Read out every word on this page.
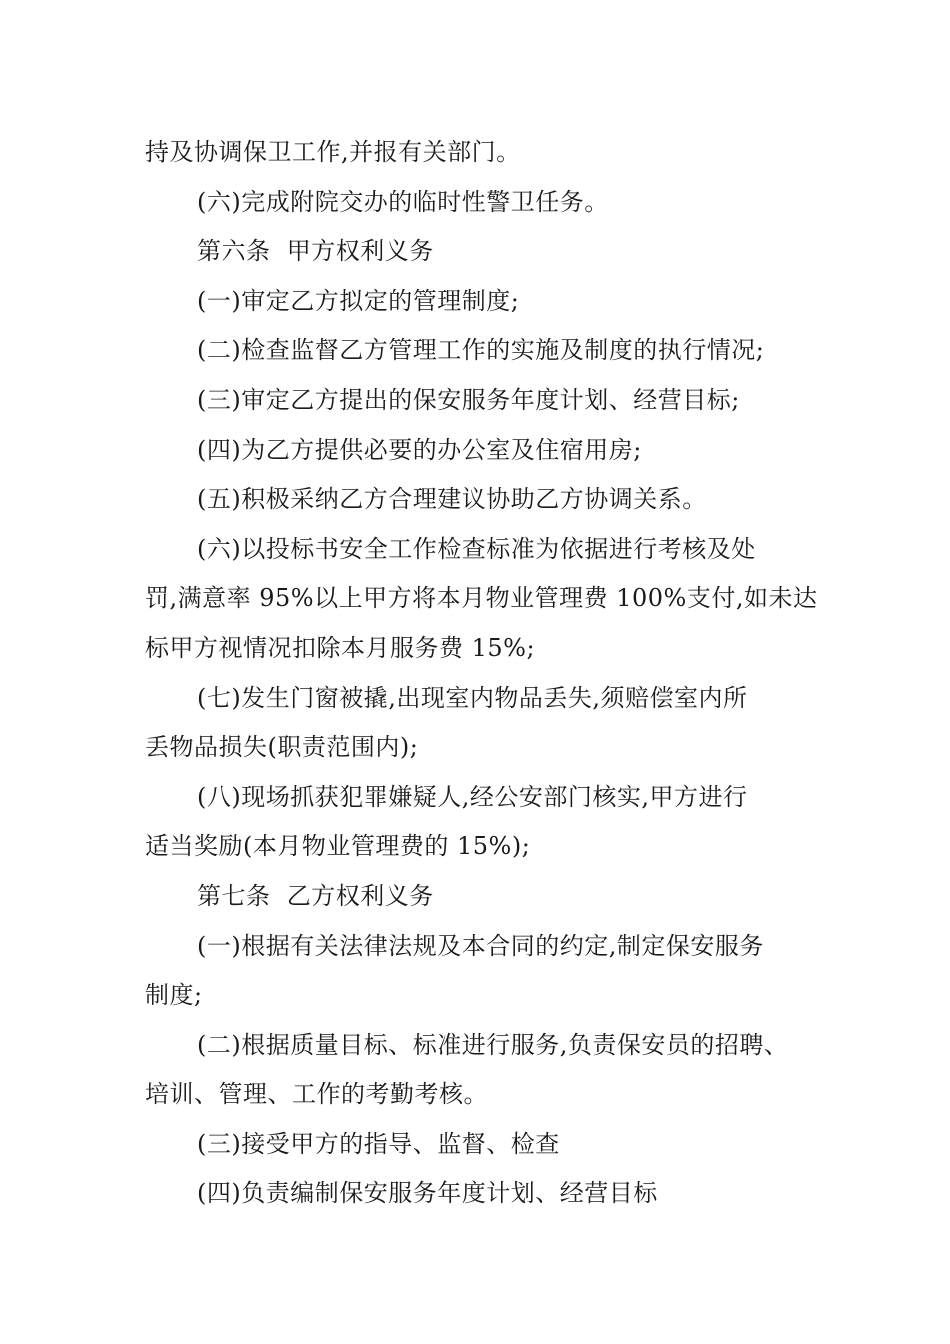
持及协调保卫工作,并报有关部门。
(六)完成附院交办的临时性警卫任务。
第六条  甲方权利义务
(一)审定乙方拟定的管理制度;
(二)检查监督乙方管理工作的实施及制度的执行情况;
(三)审定乙方提出的保安服务年度计划、经营目标;
(四)为乙方提供必要的办公室及住宿用房;
(五)积极采纳乙方合理建议协助乙方协调关系。
(六)以投标书安全工作检查标准为依据进行考核及处
罚,满意率 95%以上甲方将本月物业管理费 100%支付,如未达
标甲方视情况扣除本月服务费 15%;
(七)发生门窗被撬,出现室内物品丢失,须赔偿室内所
丢物品损失(职责范围内);
(八)现场抓获犯罪嫌疑人,经公安部门核实,甲方进行
适当奖励(本月物业管理费的 15%);
第七条  乙方权利义务
(一)根据有关法律法规及本合同的约定,制定保安服务
制度;
(二)根据质量目标、标准进行服务,负责保安员的招聘、
培训、管理、工作的考勤考核。
(三)接受甲方的指导、监督、检查
(四)负责编制保安服务年度计划、经营目标
